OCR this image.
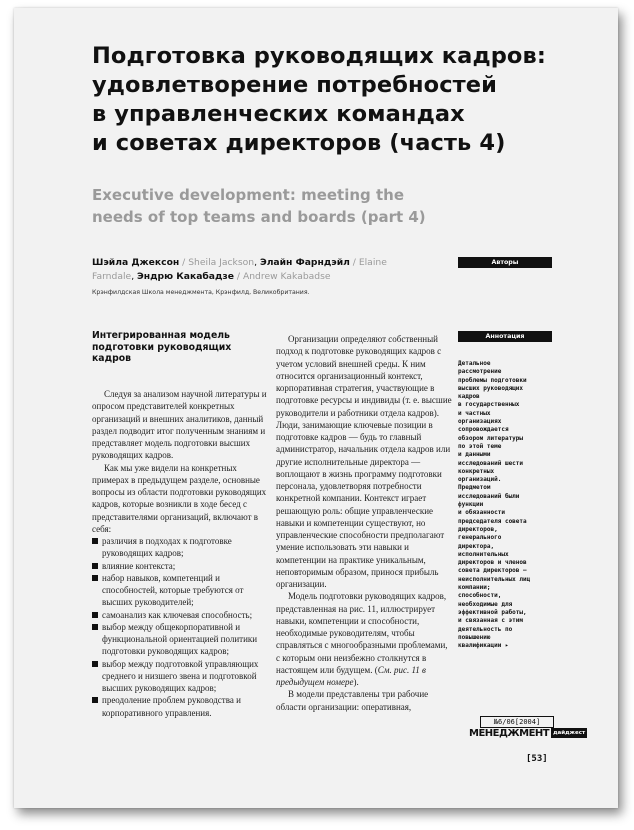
Подготовка руководящих кадров:
удовлетворение потребностей
в управленческих командах
и советах директоров (часть 4)
Executive development: meeting the
needs of top teams and boards (part 4)
Авторы
Шэйла Джексон / Sheila Jackson, Элайн Фарндэйл / Elaine
Farndale, Эндрю Какабадзе / Andrew Kakabadse
Крэнфилдская Школа менеджмента, Крэнфилд, Великобритания.
Интегрированная модель подготовки руководящих кадров

Следуя за анализом научной литературы и опросом представителей конкретных организаций и внешних аналитиков, данный раздел подводит итог полученным знаниям и представляет модель подготовки высших руководящих кадров.

Как мы уже видели на конкретных примерах в предыдущем разделе, основные вопросы из области подготовки руководящих кадров, которые возникли в ходе бесед с представителями организаций, включают в себя:

различия в подходах к подготовке руководящих кадров;

влияние контекста;

набор навыков, компетенций и способностей, которые требуются от высших руководителей;

самоанализ как ключевая способность;

выбор между общекорпоративной и функциональной ориентацией политики подготовки руководящих кадров;

выбор между подготовкой управляющих среднего и низшего звена и подготовкой высших руководящих кадров;

преодоление проблем руководства и корпоративного управления.

Организации определяют собственный подход к подготовке руководящих кадров с учетом условий внешней среды. К ним относится организационный контекст, корпоративная стратегия, участвующие в подготовке ресурсы и индивиды (т. е. высшие руководители и работники отдела кадров). Люди, занимающие ключевые позиции в подготовке кадров — будь то главный администратор, начальник отдела кадров или другие исполнительные директора — воплощают в жизнь программу подготовки персонала, удовлетворяя потребности конкретной компании. Контекст играет решающую роль: общие управленческие навыки и компетенции существуют, но управленческие способности предполагают умение использовать эти навыки и компетенции на практике уникальным, неповторимым образом, принося прибыль организации.

Модель подготовки руководящих кадров, представленная на рис. 11, иллюстрирует навыки, компетенции и способности, необходимые руководителям, чтобы справляться с многообразными проблемами, с которым они неизбежно столкнутся в настоящем или будущем. (См. рис. 11 в предыдущем номере).

В модели представлены три рабочие области организации: оперативная,

Аннотация
Детальное
рассмотрение
проблемы подготовки
высших руководящих
кадров
в государственных
и частных
организациях
сопровождается
обзором литературы
по этой теме
и данными
исследований шести
конкретных
организаций.
Предметом
исследований были
функции
и обязанности
председателя совета
директоров,
генерального
директора,
исполнительных
директоров и членов
совета директоров —
неисполнительных лиц
компании;
способности,
необходимые для
эффективной работы,
и связанная с этим
деятельность по
повышению
квалификации ▸
№6/06[2004]
МЕНЕДЖМЕНТ дайджест
[53]
